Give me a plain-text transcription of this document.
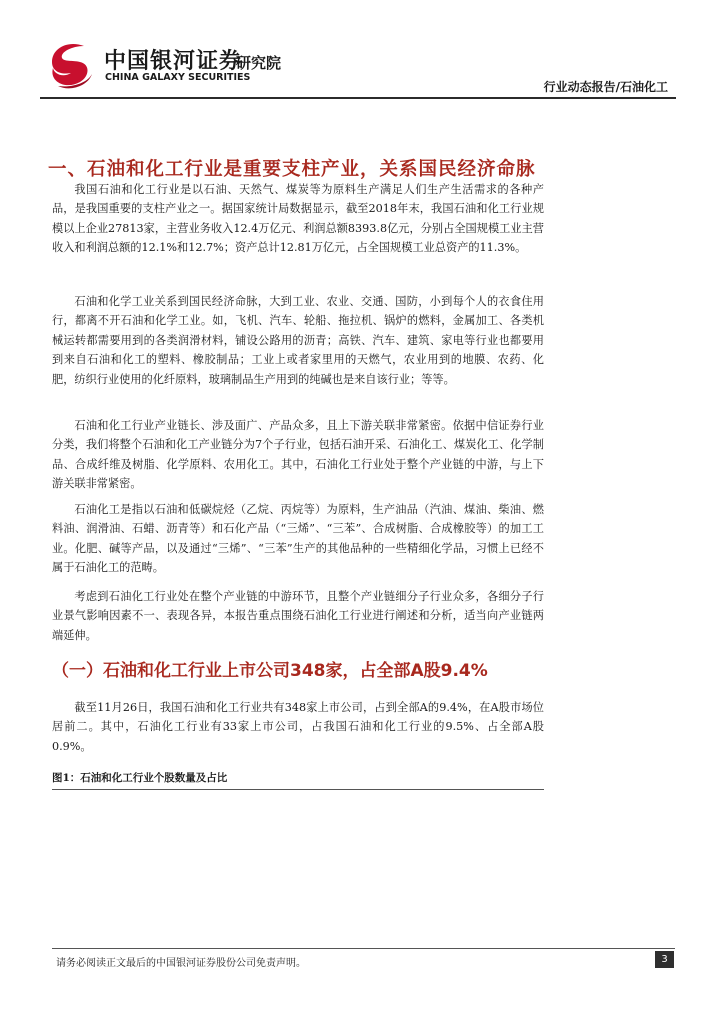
中国银河证券
CHINA GALAXY SECURITIES
研究院
行业动态报告/石油化工
一、石油和化工行业是重要支柱产业，关系国民经济命脉

我国石油和化工行业是以石油、天然气、煤炭等为原料生产满足人们生产生活需求的各种产品，是我国重要的支柱产业之一。据国家统计局数据显示，截至2018年末，我国石油和化工行业规模以上企业27813家，主营业务收入12.4万亿元、利润总额8393.8亿元，分别占全国规模工业主营收入和利润总额的12.1%和12.7%；资产总计12.81万亿元，占全国规模工业总资产的11.3%。

石油和化学工业关系到国民经济命脉，大到工业、农业、交通、国防，小到每个人的衣食住用行，都离不开石油和化学工业。如，飞机、汽车、轮船、拖拉机、锅炉的燃料，金属加工、各类机械运转都需要用到的各类润滑材料，铺设公路用的沥青；高铁、汽车、建筑、家电等行业也都要用到来自石油和化工的塑料、橡胶制品；工业上或者家里用的天燃气，农业用到的地膜、农药、化肥，纺织行业使用的化纤原料，玻璃制品生产用到的纯碱也是来自该行业；等等。

石油和化工行业产业链长、涉及面广、产品众多，且上下游关联非常紧密。依据中信证券行业分类，我们将整个石油和化工产业链分为7个子行业，包括石油开采、石油化工、煤炭化工、化学制品、合成纤维及树脂、化学原料、农用化工。其中，石油化工行业处于整个产业链的中游，与上下游关联非常紧密。

石油化工是指以石油和低碳烷烃（乙烷、丙烷等）为原料，生产油品（汽油、煤油、柴油、燃料油、润滑油、石蜡、沥青等）和石化产品（“三烯”、“三苯”、合成树脂、合成橡胶等）的加工工业。化肥、碱等产品，以及通过“三烯”、“三苯”生产的其他品种的一些精细化学品，习惯上已经不属于石油化工的范畴。

考虑到石油化工行业处在整个产业链的中游环节，且整个产业链细分子行业众多，各细分子行业景气影响因素不一、表现各异，本报告重点围绕石油化工行业进行阐述和分析，适当向产业链两端延伸。

（一）石油和化工行业上市公司348家，占全部A股9.4%

截至11月26日，我国石油和化工行业共有348家上市公司，占到全部A的9.4%，在A股市场位居前二。其中，石油化工行业有33家上市公司，占我国石油和化工行业的9.5%、占全部A股0.9%。

图1：石油和化工行业个股数量及占比
请务必阅读正文最后的中国银河证券股份公司免责声明。	3
